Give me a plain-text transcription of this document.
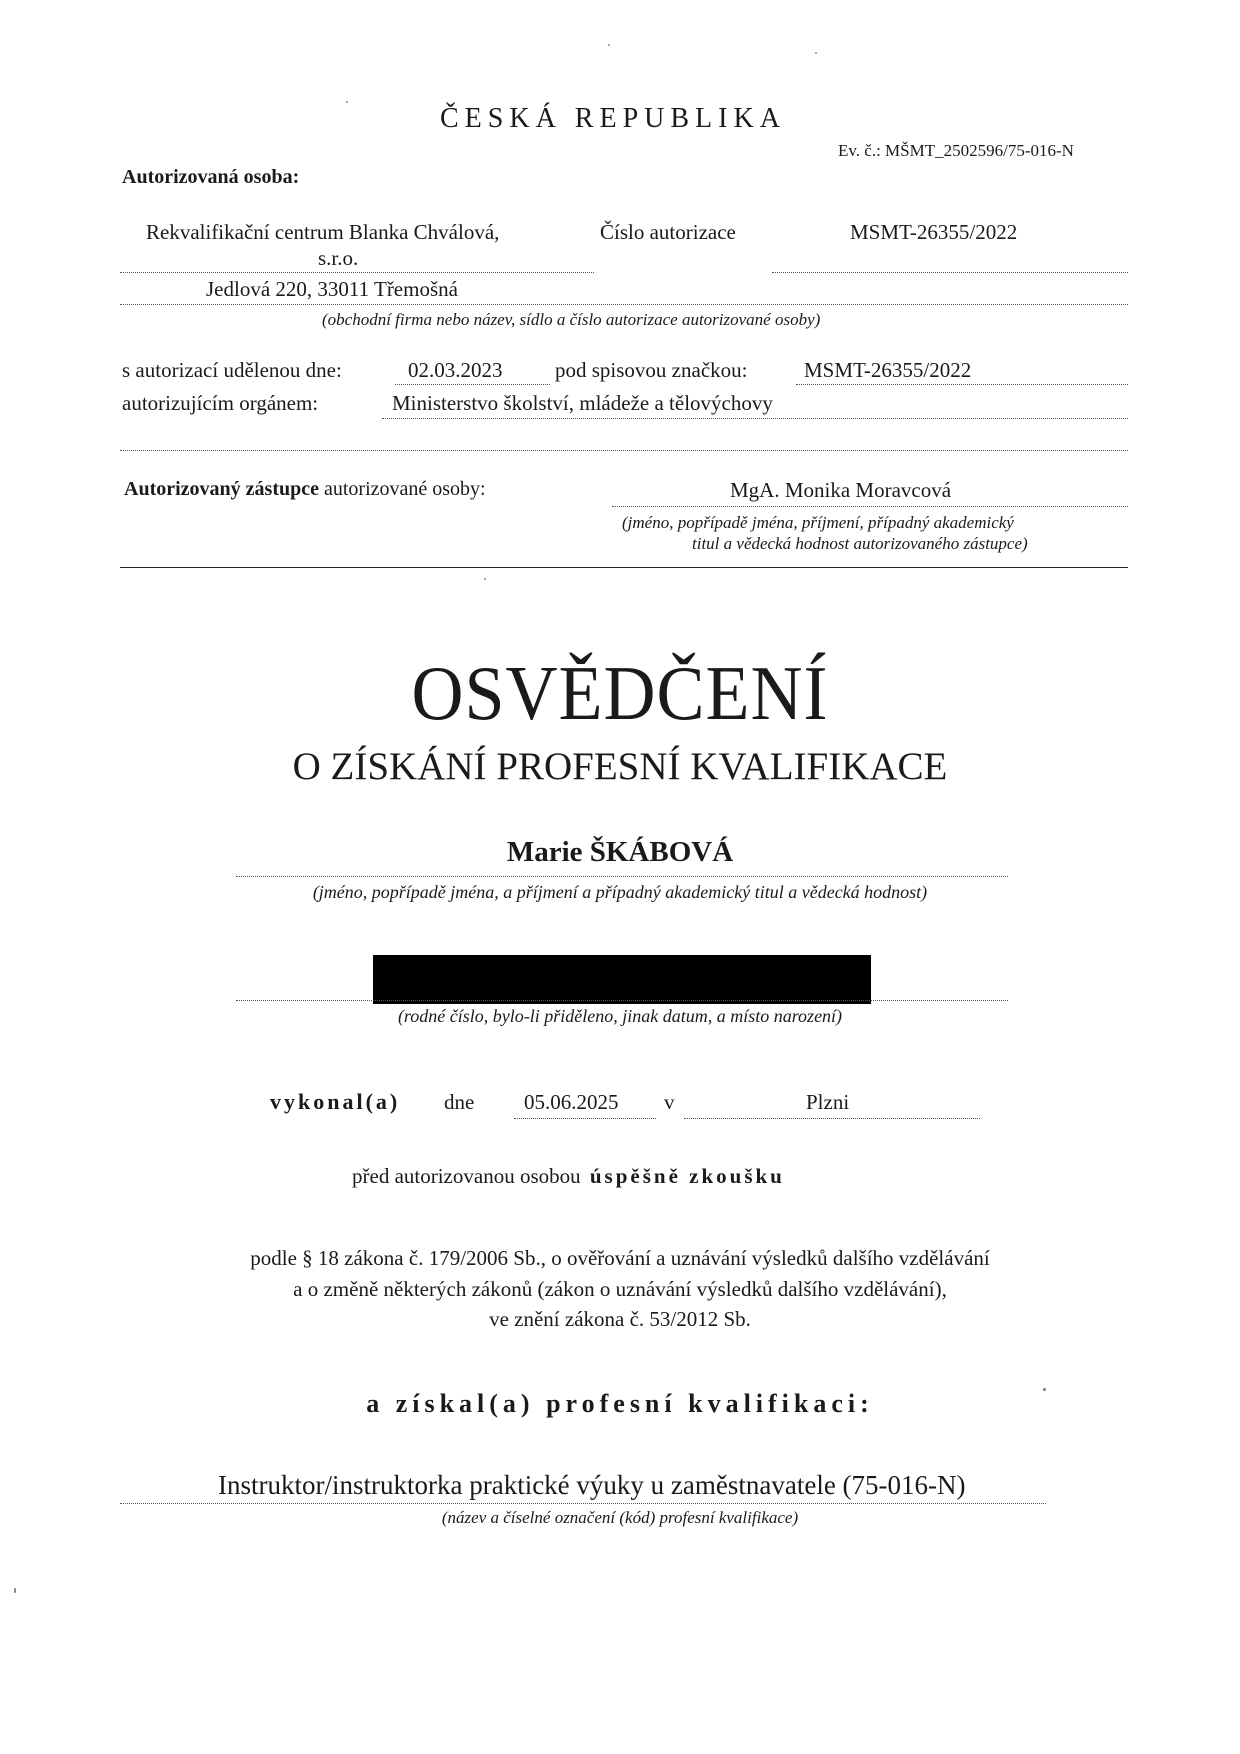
ČESKÁ REPUBLIKA
Ev. č.: MŠMT_2502596/75-016-N
Autorizovaná osoba:
Rekvalifikační centrum Blanka Chválová,
s.r.o.
Číslo autorizace	MSMT-26355/2022
Jedlová 220, 33011 Třemošná
(obchodní firma nebo název, sídlo a číslo autorizace autorizované osoby)
s autorizací udělenou dne:	02.03.2023	pod spisovou značkou:	MSMT-26355/2022
autorizujícím orgánem:	Ministerstvo školství, mládeže a tělovýchovy
Autorizovaný zástupce autorizované osoby:	MgA. Monika Moravcová
(jméno, popřípadě jména, příjmení, případný akademický
titul a vědecká hodnost autorizovaného zástupce)
OSVĚDČENÍ
O ZÍSKÁNÍ PROFESNÍ KVALIFIKACE
Marie ŠKÁBOVÁ
(jméno, popřípadě jména, a příjmení a případný akademický titul a vědecká hodnost)
(rodné číslo, bylo-li přiděleno, jinak datum, a místo narození)
vykonal(a) dne 05.06.2025 v	Plzni
před autorizovanou osobou úspěšně zkoušku
podle § 18 zákona č. 179/2006 Sb., o ověřování a uznávání výsledků dalšího vzdělávání
a o změně některých zákonů (zákon o uznávání výsledků dalšího vzdělávání),
ve znění zákona č. 53/2012 Sb.
a získal(a) profesní kvalifikaci:
Instruktor/instruktorka praktické výuky u zaměstnavatele (75-016-N)
(název a číselné označení (kód) profesní kvalifikace)
